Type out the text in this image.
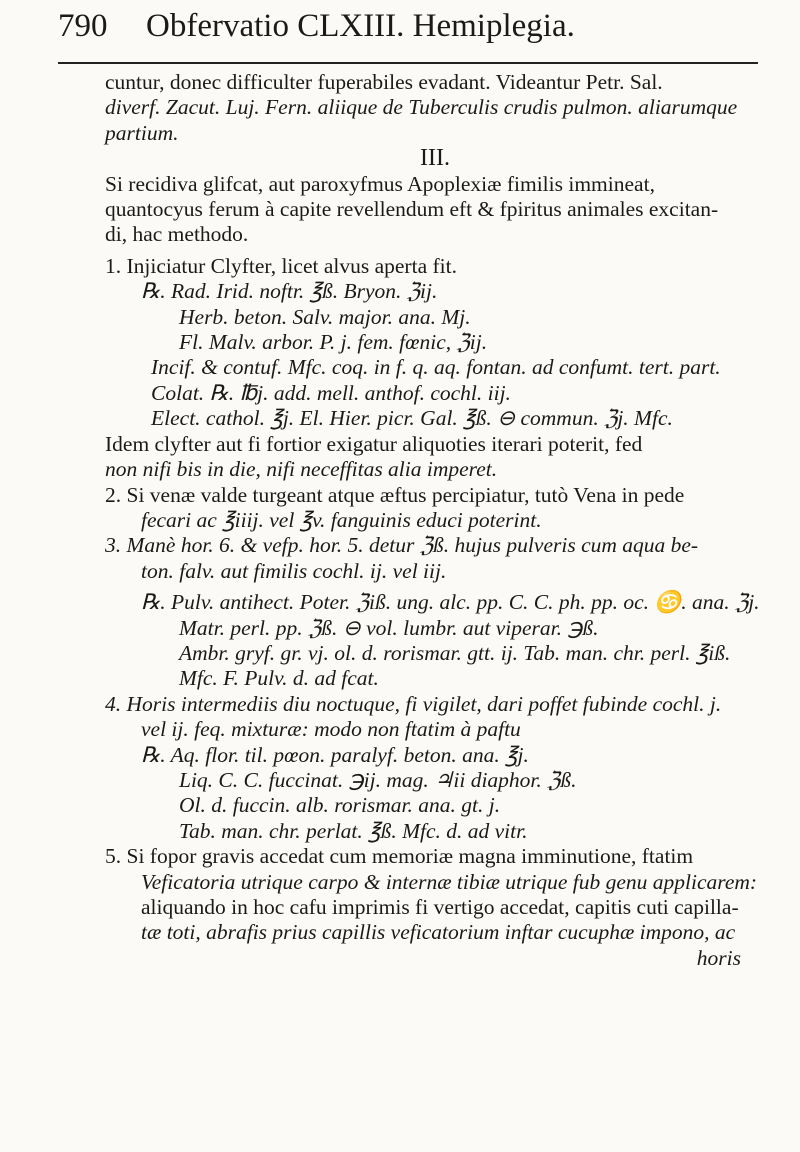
790 Obfervatio CLXIII. Hemiplegia.

cuntur, donec difficulter fuperabiles evadant. Videantur Petr. Sal.

diverf. Zacut. Luj. Fern. aliique de Tuberculis crudis pulmon. aliarumque

partium.

III.

Si recidiva glifcat, aut paroxyfmus Apoplexiæ fimilis immineat,

quantocyus ferum à capite revellendum eft & fpiritus animales excitan-

di, hac methodo.

1. Injiciatur Clyfter, licet alvus aperta fit.

℞. Rad. Irid. noftr. ℥ß. Bryon. ℨij.

Herb. beton. Salv. major. ana. Mj.

Fl. Malv. arbor. P. j. fem. fœnic, ℨij.

Incif. & contuf. Mfc. coq. in f. q. aq. fontan. ad confumt. tert. part.

Colat. ℞. ℔j. add. mell. anthof. cochl. iij.

Elect. cathol. ℥j. El. Hier. picr. Gal. ℥ß. ⊖ commun. ℨj. Mfc.

Idem clyfter aut fi fortior exigatur aliquoties iterari poterit, fed

non nifi bis in die, nifi neceffitas alia imperet.

2. Si venæ valde turgeant atque æftus percipiatur, tutò Vena in pede

fecari ac ℥iiij. vel ℥v. fanguinis educi poterint.

3. Manè hor. 6. & vefp. hor. 5. detur ℨß. hujus pulveris cum aqua be-

ton. falv. aut fimilis cochl. ij. vel iij.

℞. Pulv. antihect. Poter. ℨiß. ung. alc. pp. C. C. ph. pp. oc. ♋. ana. ℨj.

Matr. perl. pp. ℨß. ⊖ vol. lumbr. aut viperar. ℈ß.

Ambr. gryf. gr. vj. ol. d. rorismar. gtt. ij. Tab. man. chr. perl. ℥iß.

Mfc. F. Pulv. d. ad fcat.

4. Horis intermediis diu noctuque, fi vigilet, dari poffet fubinde cochl. j.

vel ij. feq. mixturæ: modo non ftatim à paftu

℞. Aq. flor. til. pœon. paralyf. beton. ana. ℥j.

Liq. C. C. fuccinat. ℈ij. mag. ♃ii diaphor. ℨß.

Ol. d. fuccin. alb. rorismar. ana. gt. j.

Tab. man. chr. perlat. ℥ß. Mfc. d. ad vitr.

5. Si fopor gravis accedat cum memoriæ magna imminutione, ftatim

Veficatoria utrique carpo & internæ tibiæ utrique fub genu applicarem:

aliquando in hoc cafu imprimis fi vertigo accedat, capitis cuti capilla-

tæ toti, abrafis prius capillis veficatorium inftar cucuphæ impono, ac

horis
